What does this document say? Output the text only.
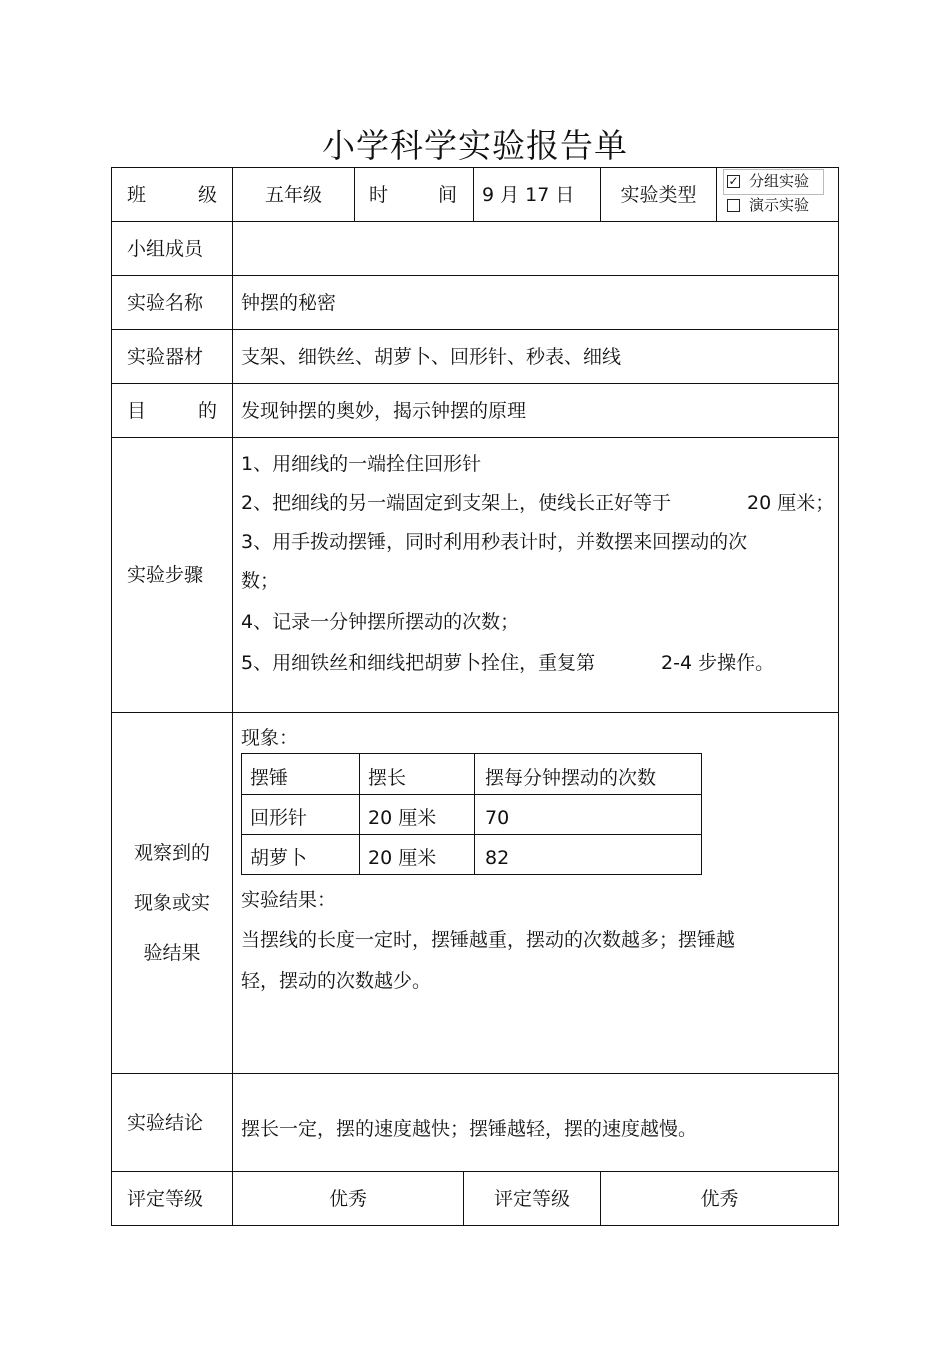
小学科学实验报告单
班	级	五年级 时	间 9 月 17 日 实验类型
✓ 分组实验
演示实验
小组成员
实验名称 钟摆的秘密
实验器材 支架、细铁丝、胡萝卜、回形针、秒表、细线
目	的 发现钟摆的奥妙，揭示钟摆的原理
实验步骤
1、用细线的一端拴住回形针
2、把细线的另一端固定到支架上，使线长正好等于	20 厘米；
3、用手拨动摆锤，同时利用秒表计时，并数摆来回摆动的次
数；
4、记录一分钟摆所摆动的次数；
5、用细铁丝和细线把胡萝卜拴住，重复第	2-4 步操作。
观察到的
现象或实
验结果
现象：
摆锤	摆长	摆每分钟摆动的次数
回形针	20 厘米	70
胡萝卜	20 厘米	82
实验结果：
当摆线的长度一定时，摆锤越重，摆动的次数越多；摆锤越
轻，摆动的次数越少。
实验结论 摆长一定，摆的速度越快；摆锤越轻，摆的速度越慢。
评定等级	优秀	评定等级	优秀
